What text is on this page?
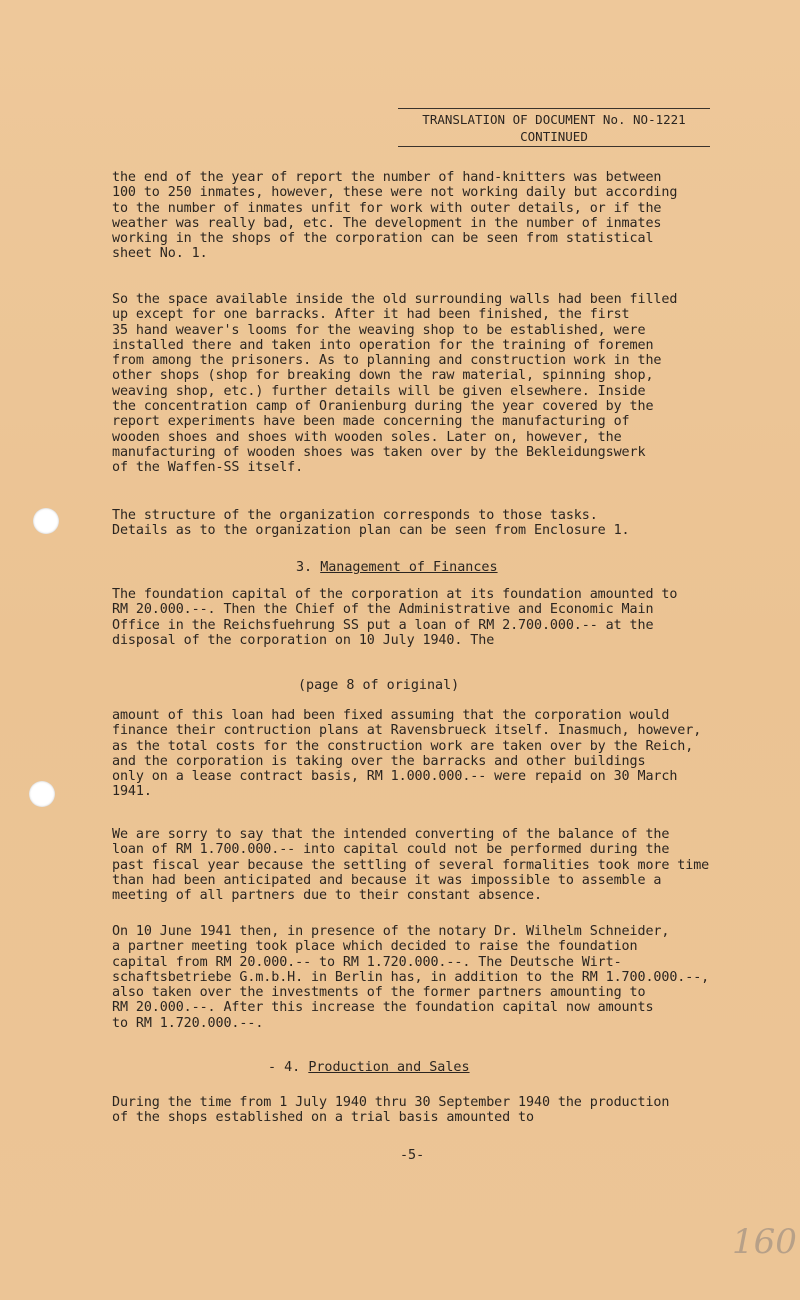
TRANSLATION OF DOCUMENT No. NO-1221
CONTINUED
the end of the year of report the number of hand-knitters was between
100 to 250 inmates, however, these were not working daily but according
to the number of inmates unfit for work with outer details, or if the
weather was really bad, etc. The development in the number of inmates
working in the shops of the corporation can be seen from statistical
sheet No. 1.
So the space available inside the old surrounding walls had been filled
up except for one barracks. After it had been finished, the first
35 hand weaver's looms for the weaving shop to be established, were
installed there and taken into operation for the training of foremen
from among the prisoners. As to planning and construction work in the
other shops (shop for breaking down the raw material, spinning shop,
weaving shop, etc.) further details will be given elsewhere. Inside
the concentration camp of Oranienburg during the year covered by the
report experiments have been made concerning the manufacturing of
wooden shoes and shoes with wooden soles. Later on, however, the
manufacturing of wooden shoes was taken over by the Bekleidungswerk
of the Waffen-SS itself.
The structure of the organization corresponds to those tasks.
Details as to the organization plan can be seen from Enclosure 1.
3. Management of Finances
The foundation capital of the corporation at its foundation amounted to
RM 20.000.--. Then the Chief of the Administrative and Economic Main
Office in the Reichsfuehrung SS put a loan of RM 2.700.000.-- at the
disposal of the corporation on 10 July 1940. The
(page 8 of original)
amount of this loan had been fixed assuming that the corporation would
finance their contruction plans at Ravensbrueck itself. Inasmuch, however,
as the total costs for the construction work are taken over by the Reich,
and the corporation is taking over the barracks and other buildings
only on a lease contract basis, RM 1.000.000.-- were repaid on 30 March
1941.
We are sorry to say that the intended converting of the balance of the
loan of RM 1.700.000.-- into capital could not be performed during the
past fiscal year because the settling of several formalities took more time
than had been anticipated and because it was impossible to assemble a
meeting of all partners due to their constant absence.
On 10 June 1941 then, in presence of the notary Dr. Wilhelm Schneider,
a partner meeting took place which decided to raise the foundation
capital from RM 20.000.-- to RM 1.720.000.--. The Deutsche Wirt-
schaftsbetriebe G.m.b.H. in Berlin has, in addition to the RM 1.700.000.--,
also taken over the investments of the former partners amounting to
RM 20.000.--. After this increase the foundation capital now amounts
to RM 1.720.000.--.
- 4. Production and Sales
During the time from 1 July 1940 thru 30 September 1940 the production
of the shops established on a trial basis amounted to
-5-
160
